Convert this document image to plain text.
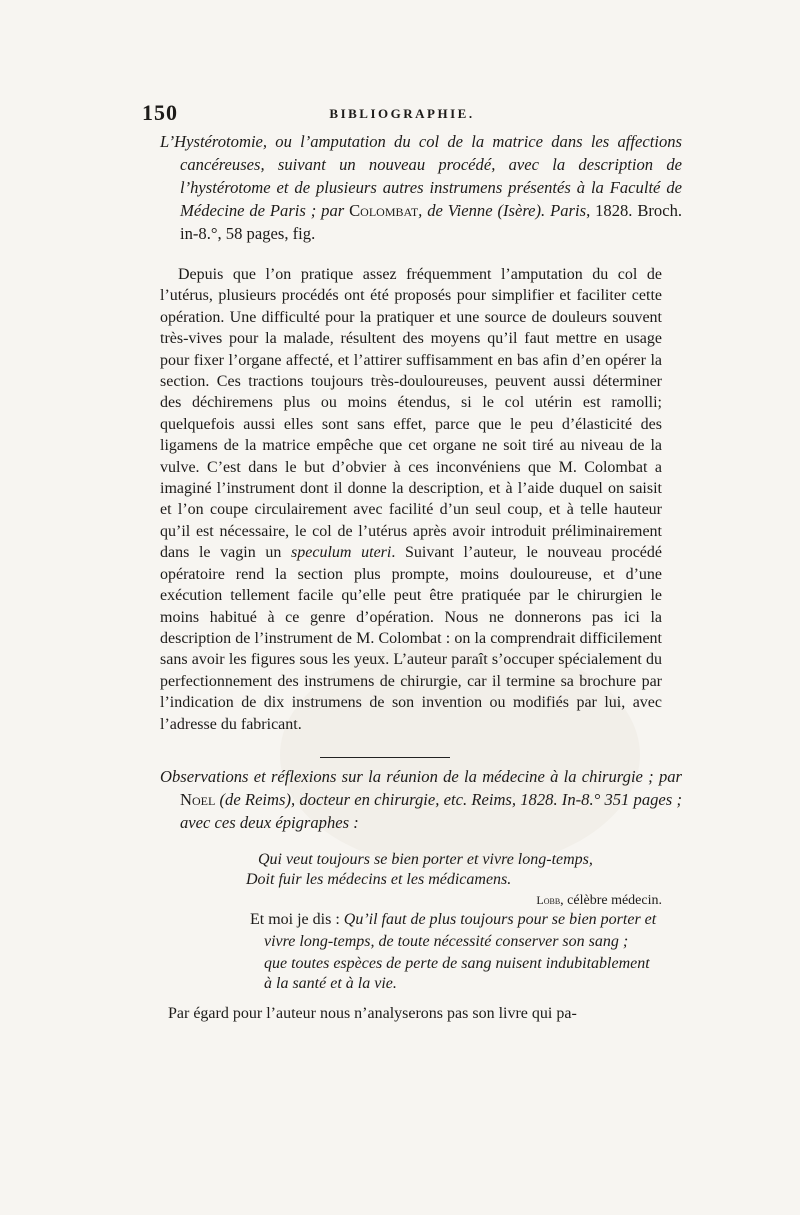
150	BIBLIOGRAPHIE.

L’Hystérotomie, ou l’amputation du col de la matrice dans les affections cancéreuses, suivant un nouveau procédé, avec la description de l’hystérotome et de plusieurs autres instrumens présentés à la Faculté de Médecine de Paris ; par Colombat, de Vienne (Isère). Paris, 1828. Broch. in-8.°, 58 pages, fig.

Depuis que l’on pratique assez fréquemment l’amputation du col de l’utérus, plusieurs procédés ont été proposés pour simplifier et faciliter cette opération. Une difficulté pour la pratiquer et une source de douleurs souvent très-vives pour la malade, résultent des moyens qu’il faut mettre en usage pour fixer l’organe affecté, et l’attirer suffisamment en bas afin d’en opérer la section. Ces tractions toujours très-douloureuses, peuvent aussi déterminer des déchiremens plus ou moins étendus, si le col utérin est ramolli; quelquefois aussi elles sont sans effet, parce que le peu d’élasticité des ligamens de la matrice empêche que cet organe ne soit tiré au niveau de la vulve. C’est dans le but d’obvier à ces inconvéniens que M. Colombat a imaginé l’instrument dont il donne la description, et à l’aide duquel on saisit et l’on coupe circulairement avec facilité d’un seul coup, et à telle hauteur qu’il est nécessaire, le col de l’utérus après avoir introduit préliminairement dans le vagin un speculum uteri. Suivant l’auteur, le nouveau procédé opératoire rend la section plus prompte, moins douloureuse, et d’une exécution tellement facile qu’elle peut être pratiquée par le chirurgien le moins habitué à ce genre d’opération. Nous ne donnerons pas ici la description de l’instrument de M. Colombat : on la comprendrait difficilement sans avoir les figures sous les yeux. L’auteur paraît s’occuper spécialement du perfectionnement des instrumens de chirurgie, car il termine sa brochure par l’indication de dix instrumens de son invention ou modifiés par lui, avec l’adresse du fabricant.

Observations et réflexions sur la réunion de la médecine à la chirurgie ; par Noel (de Reims), docteur en chirurgie, etc. Reims, 1828. In-8.° 351 pages ; avec ces deux épigraphes :

Qui veut toujours se bien porter et vivre long-temps,

Doit fuir les médecins et les médicamens.

Lobb, célèbre médecin.

Et moi je dis : Qu’il faut de plus toujours pour se bien porter et

vivre long-temps, de toute nécessité conserver son sang ;

que toutes espèces de perte de sang nuisent indubitablement

à la santé et à la vie.

Par égard pour l’auteur nous n’analyserons pas son livre qui pa-
